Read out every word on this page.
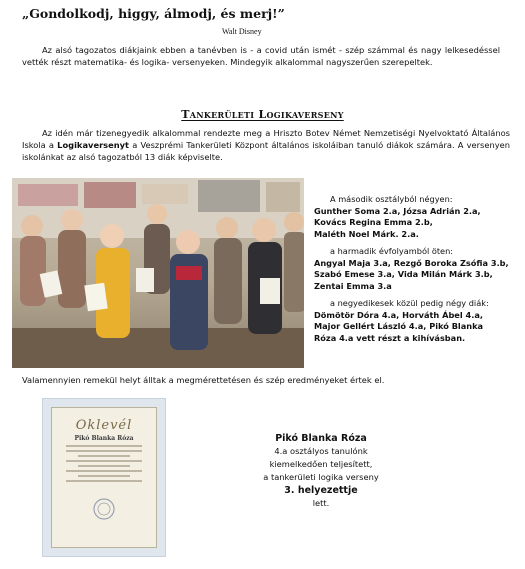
„Gondolkodj, higgy, álmodj, és merj!”
Walt Disney
Az alsó tagozatos diákjaink ebben a tanévben is - a covid után ismét - szép számmal és nagy lelkesedéssel vették részt matematika- és logika- versenyeken. Mindegyik alkalommal nagyszerűen szerepeltek.
Tankerületi Logikaverseny
Az idén már tizenegyedik alkalommal rendezte meg a Hriszto Botev Német Nemzetiségi Nyelvoktató Általános Iskola a Logikaversenyt a Veszprémi Tankerületi Központ általános iskoláiban tanuló diákok számára. A versenyen iskolánkat az alsó tagozatból 13 diák képviselte.
A második osztályból négyen:
Gunther Soma 2.a, Józsa Adrián 2.a,
Kovács Regina Emma 2.b,
Maléth Noel Márk. 2.a.
a harmadik évfolyamból öten:
Angyal Maja 3.a, Rezgő Boroka Zsófia 3.b,
Szabó Emese 3.a, Vida Milán Márk 3.b,
Zentai Emma 3.a
a negyedikesek közül pedig négy diák:
Dömötör Dóra 4.a, Horváth Ábel 4.a,
Major Gellért László 4.a, Pikó Blanka
Róza 4.a vett részt a kihívásban.
Valamennyien remekül helyt álltak a megmérettetésen és szép eredményeket értek el.
Oklevél
Pikó Blanka Róza	Pikó Blanka Róza
4.a osztályos tanulónk
kiemelkedően teljesített,
a tankerületi logika verseny
3. helyezettje
lett.
